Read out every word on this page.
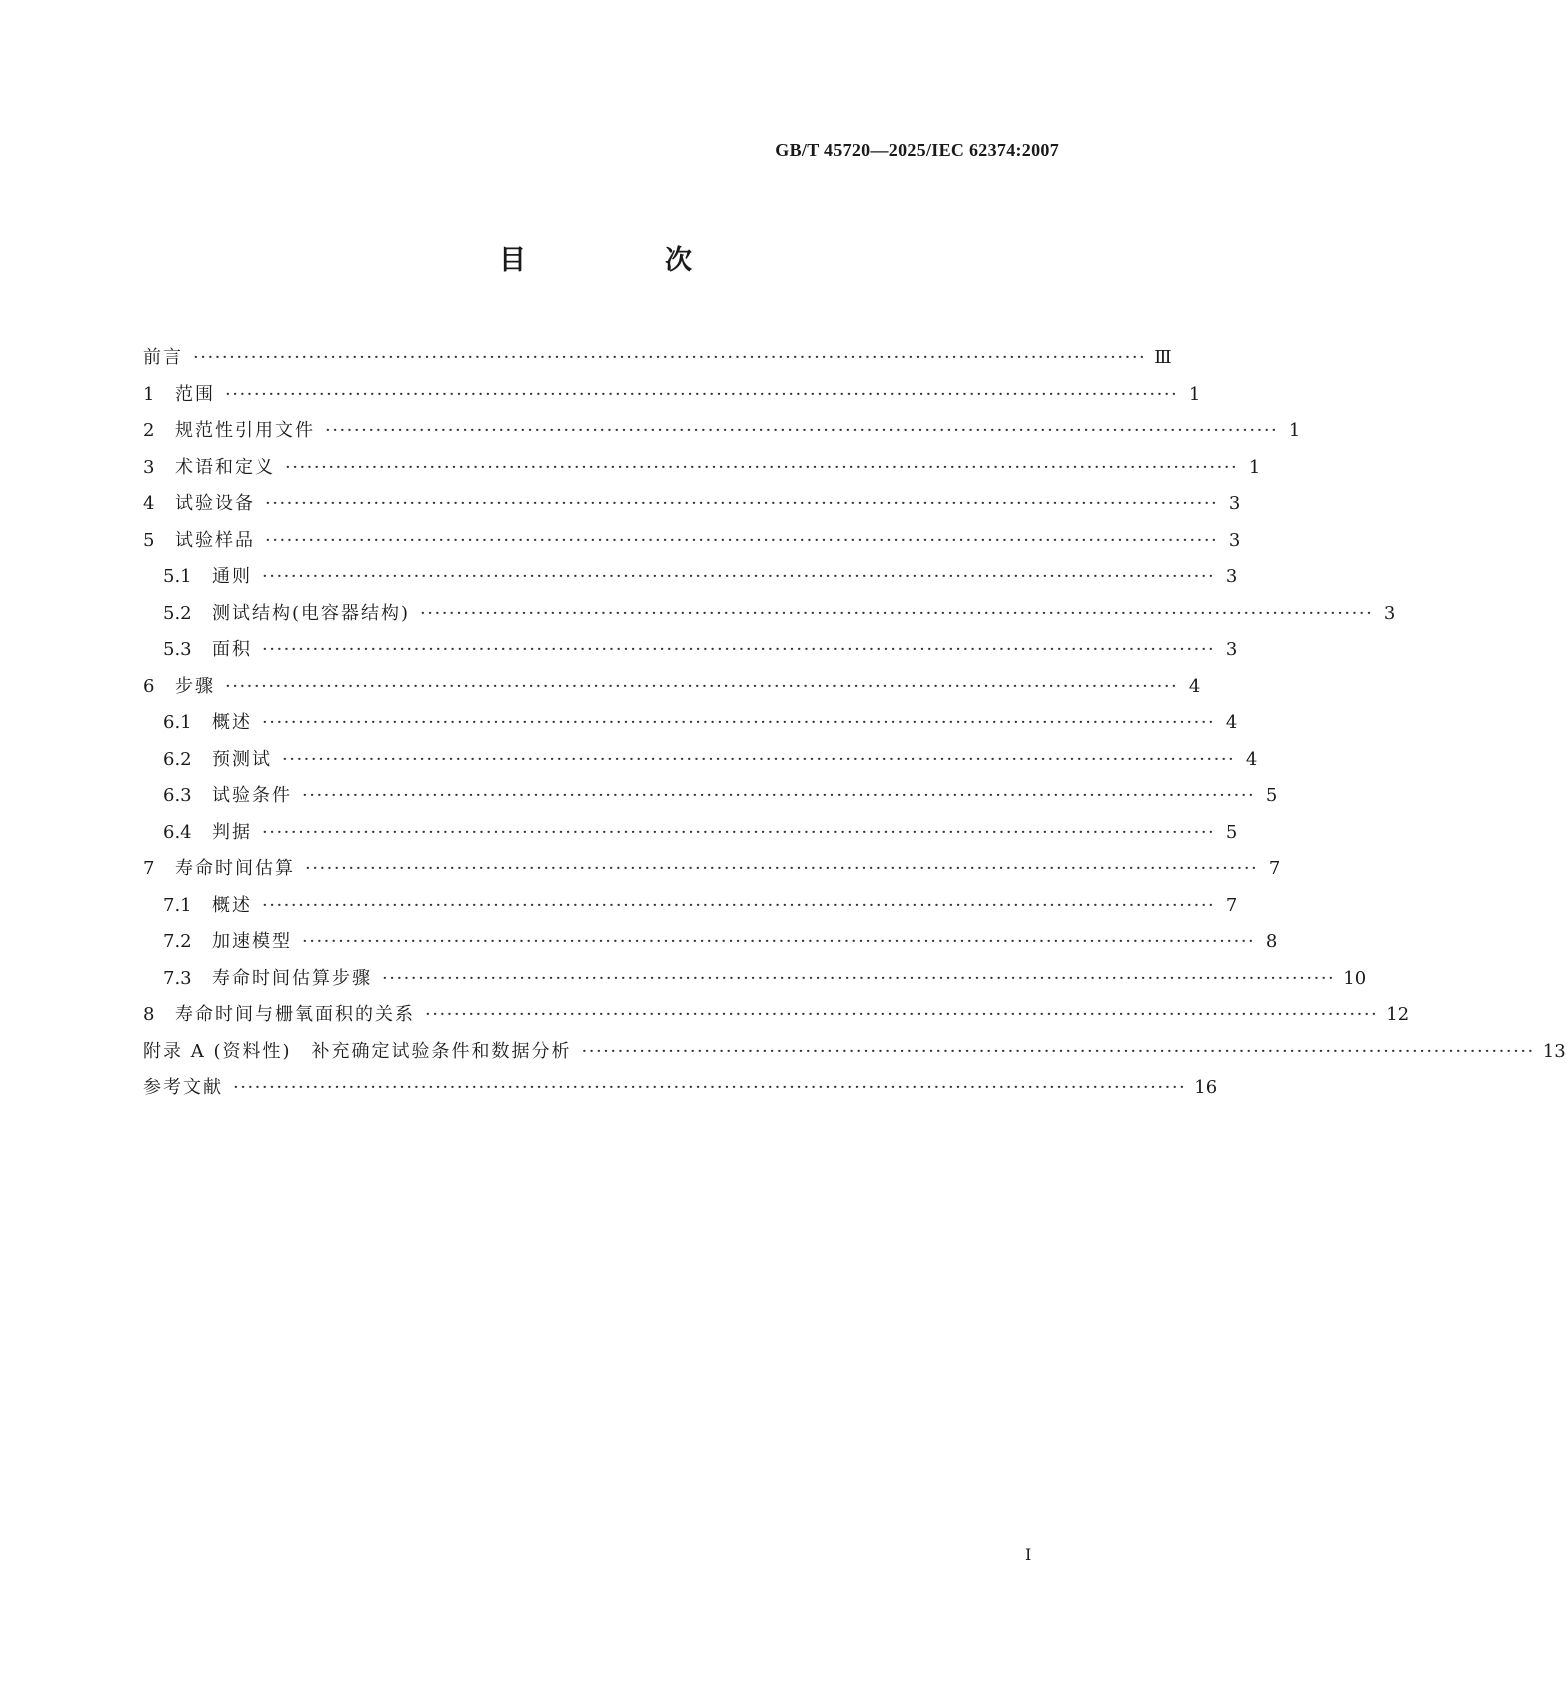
GB/T 45720—2025/IEC 62374:2007

目　次
前言 ···································································································································· Ⅲ
1	范围 ···································································································································· 1
2	规范性引用文件 ···································································································································· 1
3	术语和定义 ···································································································································· 1
4	试验设备 ···································································································································· 3
5	试验样品 ···································································································································· 3
5.1	通则 ···································································································································· 3
5.2	测试结构(电容器结构) ···································································································································· 3
5.3	面积 ···································································································································· 3
6	步骤 ···································································································································· 4
6.1	概述 ···································································································································· 4
6.2	预测试 ···································································································································· 4
6.3	试验条件 ···································································································································· 5
6.4	判据 ···································································································································· 5
7	寿命时间估算 ···································································································································· 7
7.1	概述 ···································································································································· 7
7.2	加速模型 ···································································································································· 8
7.3	寿命时间估算步骤 ···································································································································· 10
8	寿命时间与栅氧面积的关系 ···································································································································· 12
附录 A (资料性)　补充确定试验条件和数据分析 ···································································································································· 13
参考文献 ···································································································································· 16

I
